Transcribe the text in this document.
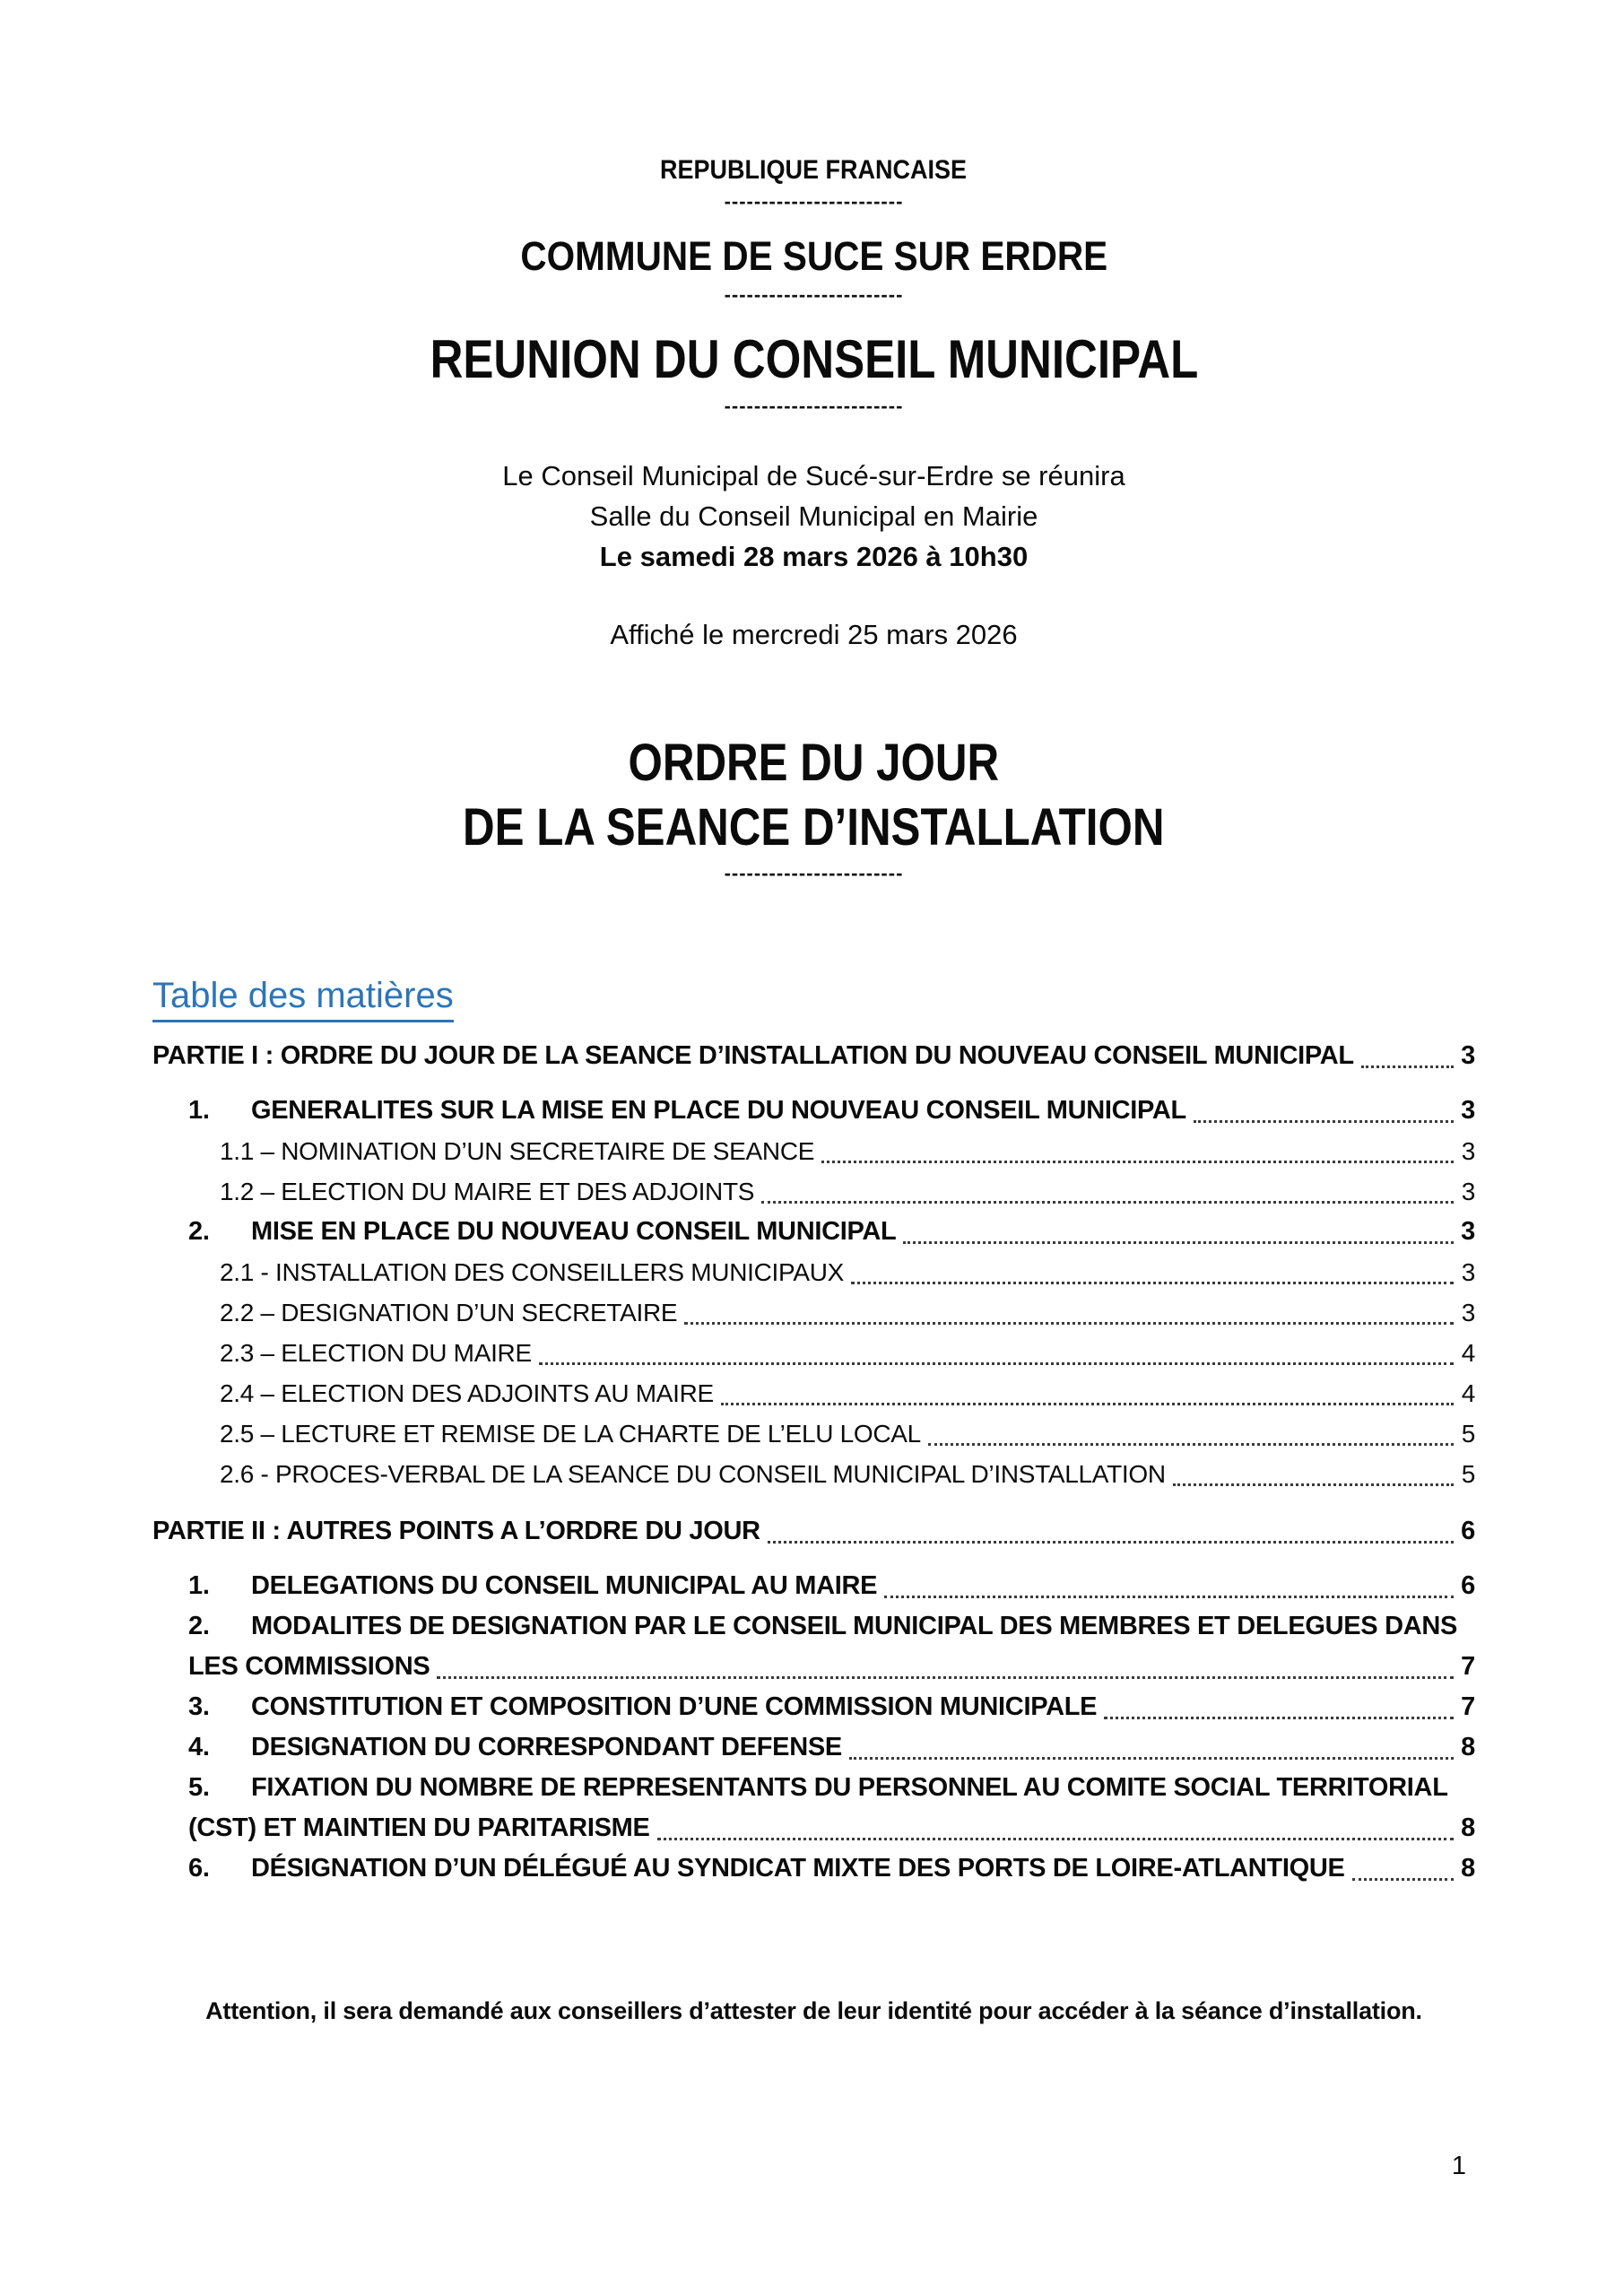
REPUBLIQUE FRANCAISE
------------------------
COMMUNE DE SUCE SUR ERDRE
------------------------
REUNION DU CONSEIL MUNICIPAL
------------------------
Le Conseil Municipal de Sucé-sur-Erdre se réunira
Salle du Conseil Municipal en Mairie
Le samedi 28 mars 2026 à 10h30
Affiché le mercredi 25 mars 2026
ORDRE DU JOUR
DE LA SEANCE D’INSTALLATION
------------------------
Table des matières
PARTIE I : ORDRE DU JOUR DE LA SEANCE D’INSTALLATION DU NOUVEAU CONSEIL MUNICIPAL	3
1.	GENERALITES SUR LA MISE EN PLACE DU NOUVEAU CONSEIL MUNICIPAL	3
1.1 – NOMINATION D’UN SECRETAIRE DE SEANCE	3
1.2 – ELECTION DU MAIRE ET DES ADJOINTS	3
2.	MISE EN PLACE DU NOUVEAU CONSEIL MUNICIPAL	3
2.1 - INSTALLATION DES CONSEILLERS MUNICIPAUX	3
2.2 – DESIGNATION D’UN SECRETAIRE	3
2.3 – ELECTION DU MAIRE	4
2.4 – ELECTION DES ADJOINTS AU MAIRE	4
2.5 – LECTURE ET REMISE DE LA CHARTE DE L’ELU LOCAL	5
2.6 - PROCES-VERBAL DE LA SEANCE DU CONSEIL MUNICIPAL D’INSTALLATION	5
PARTIE II : AUTRES POINTS A L’ORDRE DU JOUR	6
1.	DELEGATIONS DU CONSEIL MUNICIPAL AU MAIRE	6
2.	MODALITES DE DESIGNATION PAR LE CONSEIL MUNICIPAL DES MEMBRES ET DELEGUES DANS
LES COMMISSIONS	7
3.	CONSTITUTION ET COMPOSITION D’UNE COMMISSION MUNICIPALE	7
4.	DESIGNATION DU CORRESPONDANT DEFENSE	8
5.	FIXATION DU NOMBRE DE REPRESENTANTS DU PERSONNEL AU COMITE SOCIAL TERRITORIAL
(CST) ET MAINTIEN DU PARITARISME	8
6.	DÉSIGNATION D’UN DÉLÉGUÉ AU SYNDICAT MIXTE DES PORTS DE LOIRE-ATLANTIQUE	8
Attention, il sera demandé aux conseillers d’attester de leur identité pour accéder à la séance d’installation.
1
